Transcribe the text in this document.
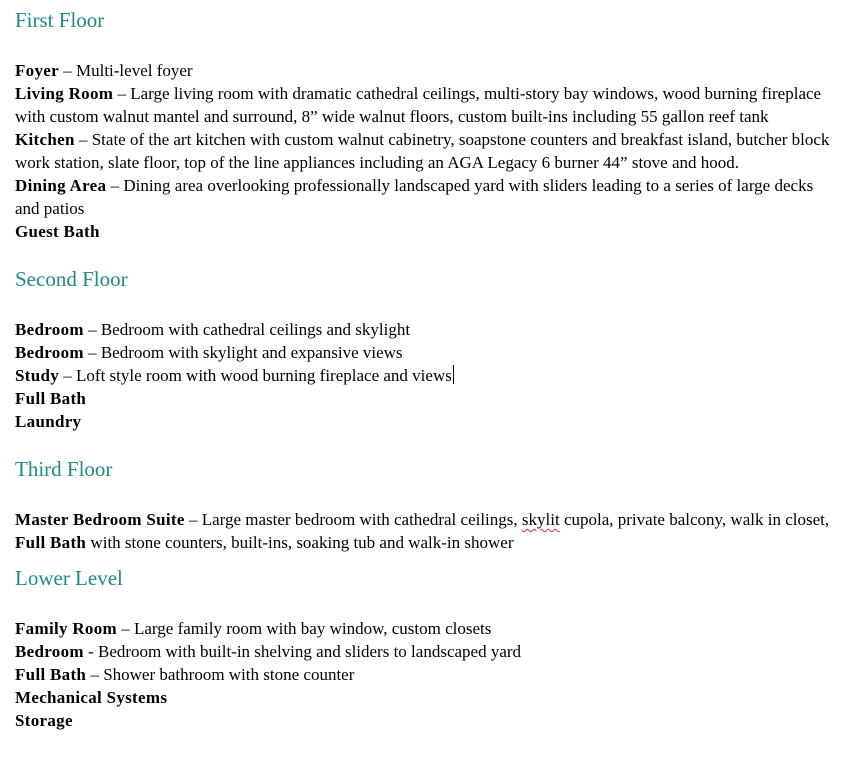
First Floor

Foyer – Multi-level foyer

Living Room – Large living room with dramatic cathedral ceilings, multi-story bay windows, wood burning fireplace with custom walnut mantel and surround, 8” wide walnut floors, custom built-ins including 55 gallon reef tank

Kitchen – State of the art kitchen with custom walnut cabinetry, soapstone counters and breakfast island, butcher block work station, slate floor, top of the line appliances including an AGA Legacy 6 burner 44” stove and hood.

Dining Area – Dining area overlooking professionally landscaped yard with sliders leading to a series of large decks and patios

Guest Bath

Second Floor

Bedroom – Bedroom with cathedral ceilings and skylight

Bedroom – Bedroom with skylight and expansive views

Study – Loft style room with wood burning fireplace and views

Full Bath

Laundry

Third Floor

Master Bedroom Suite – Large master bedroom with cathedral ceilings, skylit cupola, private balcony, walk in closet, Full Bath with stone counters, built-ins, soaking tub and walk-in shower

Lower Level

Family Room – Large family room with bay window, custom closets

Bedroom - Bedroom with built-in shelving and sliders to landscaped yard

Full Bath – Shower bathroom with stone counter

Mechanical Systems

Storage
